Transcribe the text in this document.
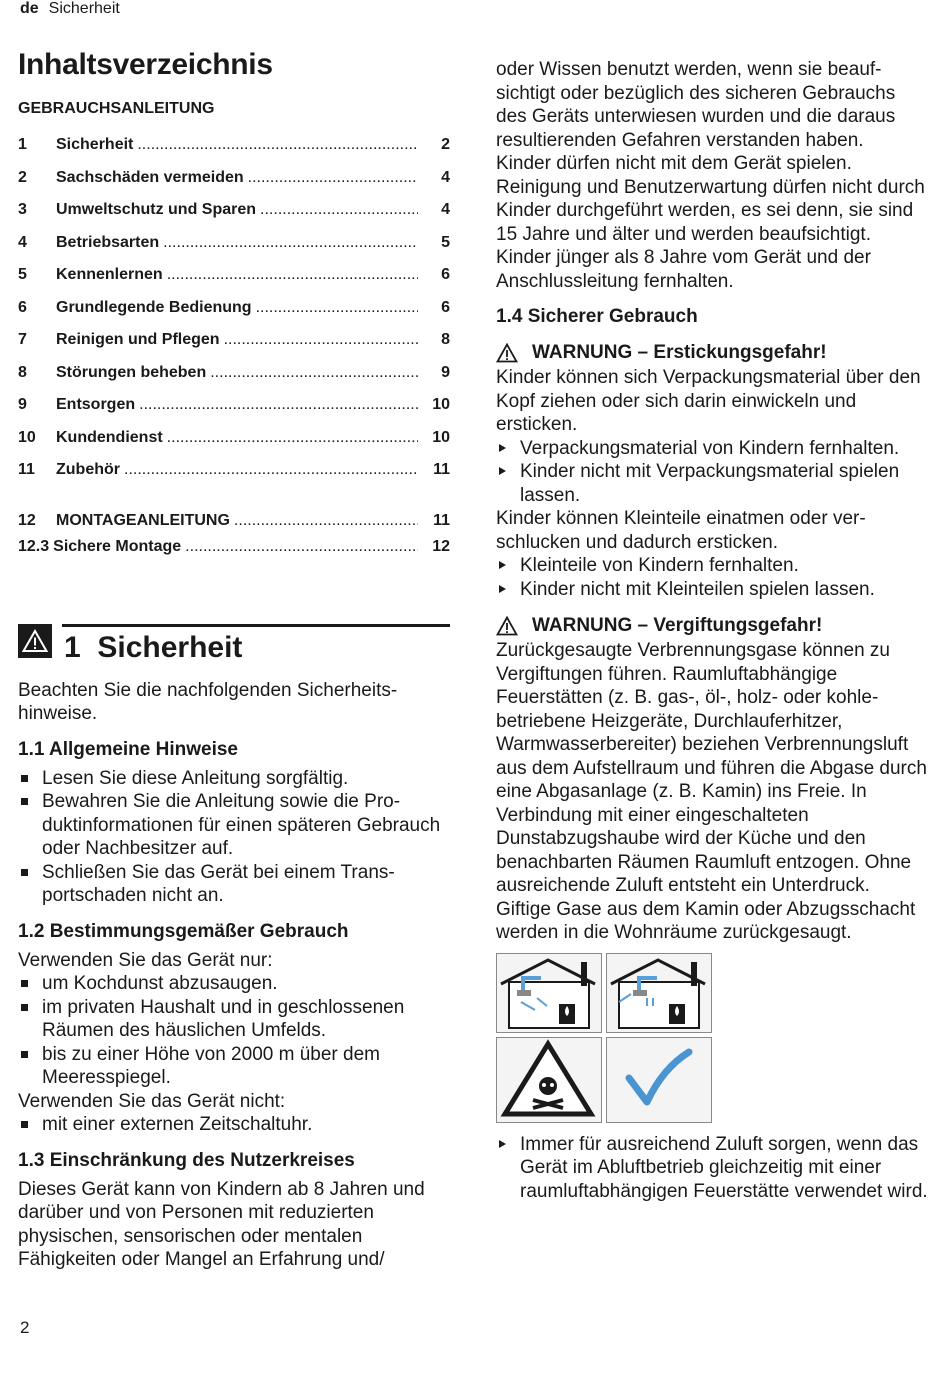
de Sicherheit
Inhaltsverzeichnis
GEBRAUCHSANLEITUNG
1	Sicherheit .....	2
2	Sachschäden vermeiden .....	4
3	Umweltschutz und Sparen .....	4
4	Betriebsarten .....	5
5	Kennenlernen .....	6
6	Grundlegende Bedienung .....	6
7	Reinigen und Pflegen .....	8
8	Störungen beheben .....	9
9	Entsorgen .....	10
10	Kundendienst .....	10
11	Zubehör .....	11
12	MONTAGEANLEITUNG .....	11
12.3 Sichere Montage .....	12
1 Sicherheit

Beachten Sie die nachfolgenden Sicherheitshinweise.

1.1 Allgemeine Hinweise
Lesen Sie diese Anleitung sorgfältig.
Bewahren Sie die Anleitung sowie die Produktinformationen für einen späteren Gebrauch oder Nachbesitzer auf.
Schließen Sie das Gerät bei einem Transportschaden nicht an.
1.2 Bestimmungsgemäßer Gebrauch

Verwenden Sie das Gerät nur:

um Kochdunst abzusaugen.
im privaten Haushalt und in geschlossenen Räumen des häuslichen Umfelds.
bis zu einer Höhe von 2000 m über dem Meeresspiegel.

Verwenden Sie das Gerät nicht:

mit einer externen Zeitschaltuhr.
1.3 Einschränkung des Nutzerkreises

Dieses Gerät kann von Kindern ab 8 Jahren und darüber und von Personen mit reduzierten physischen, sensorischen oder mentalen Fähigkeiten oder Mangel an Erfahrung und/

oder Wissen benutzt werden, wenn sie beaufsichtigt oder bezüglich des sicheren Gebrauchs des Geräts unterwiesen wurden und die daraus resultierenden Gefahren verstanden haben.

Kinder dürfen nicht mit dem Gerät spielen.

Reinigung und Benutzerwartung dürfen nicht durch Kinder durchgeführt werden, es sei denn, sie sind 15 Jahre und älter und werden beaufsichtigt.

Kinder jünger als 8 Jahre vom Gerät und der Anschlussleitung fernhalten.

1.4 Sicherer Gebrauch
WARNUNG – Erstickungsgefahr!

Kinder können sich Verpackungsmaterial über den Kopf ziehen oder sich darin einwickeln und ersticken.

Verpackungsmaterial von Kindern fernhalten.
Kinder nicht mit Verpackungsmaterial spielen lassen.

Kinder können Kleinteile einatmen oder verschlucken und dadurch ersticken.

Kleinteile von Kindern fernhalten.
Kinder nicht mit Kleinteilen spielen lassen.
WARNUNG – Vergiftungsgefahr!

Zurückgesaugte Verbrennungsgase können zu Vergiftungen führen. Raumluftabhängige Feuerstätten (z. B. gas-, öl-, holz- oder kohlebetriebene Heizgeräte, Durchlauferhitzer, Warmwasserbereiter) beziehen Verbrennungsluft aus dem Aufstellraum und führen die Abgase durch eine Abgasanlage (z. B. Kamin) ins Freie. In Verbindung mit einer eingeschalteten Dunstabzugshaube wird der Küche und den benachbarten Räumen Raumluft entzogen. Ohne ausreichende Zuluft entsteht ein Unterdruck. Giftige Gase aus dem Kamin oder Abzugsschacht werden in die Wohnräume zurückgesaugt.

Immer für ausreichend Zuluft sorgen, wenn das Gerät im Abluftbetrieb gleichzeitig mit einer raumluftabhängigen Feuerstätte verwendet wird.
2
